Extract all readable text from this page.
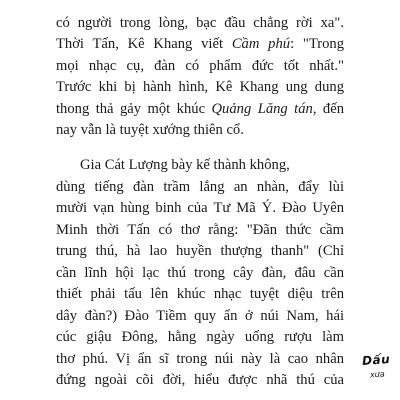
có người trong lòng, bạc đầu chẳng rời xa".
Thời Tấn, Kê Khang viết Cầm phú: "Trong
mọi nhạc cụ, đàn có phẩm đức tốt nhất."
Trước khi bị hành hình, Kê Khang ung dung
thong thả gảy một khúc Quảng Lăng tán, đến
nay vẫn là tuyệt xướng thiên cổ.
Gia Cát Lượng bày kế thành không,
dùng tiếng đàn trầm lắng an nhàn, đẩy lùi
mười vạn hùng binh của Tư Mã Ý. Đào Uyên
Minh thời Tấn có thơ rằng: "Đãn thức cầm
trung thú, hà lao huyền thượng thanh" (Chỉ
cần lĩnh hội lạc thú trong cây đàn, đâu cần
thiết phải tấu lên khúc nhạc tuyệt diệu trên
dây đàn?) Đào Tiềm quy ẩn ở núi Nam, hái
cúc giậu Đông, hằng ngày uống rượu làm
thơ phú. Vị ẩn sĩ trong núi này là cao nhân
đứng ngoài cõi đời, hiểu được nhã thú của
Dấu
xưa
